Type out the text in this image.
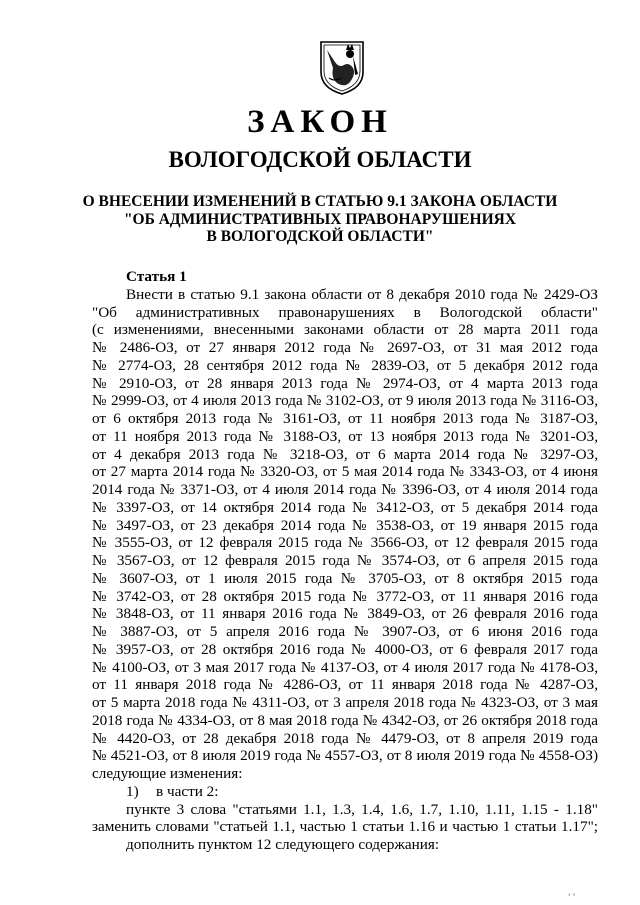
ЗАКОН
ВОЛОГОДСКОЙ ОБЛАСТИ
О ВНЕСЕНИИ ИЗМЕНЕНИЙ В СТАТЬЮ 9.1 ЗАКОНА ОБЛАСТИ
"ОБ АДМИНИСТРАТИВНЫХ ПРАВОНАРУШЕНИЯХ
В ВОЛОГОДСКОЙ ОБЛАСТИ"
Статья 1
Внести в статью 9.1 закона области от 8 декабря 2010 года № 2429-ОЗ
"Об административных правонарушениях в Вологодской области"
(с изменениями, внесенными законами области от 28 марта 2011 года
№ 2486-ОЗ, от 27 января 2012 года № 2697-ОЗ, от 31 мая 2012 года
№ 2774-ОЗ, 28 сентября 2012 года № 2839-ОЗ, от 5 декабря 2012 года
№ 2910-ОЗ, от 28 января 2013 года № 2974-ОЗ, от 4 марта 2013 года
№ 2999-ОЗ, от 4 июля 2013 года № 3102-ОЗ, от 9 июля 2013 года № 3116-ОЗ,
от 6 октября 2013 года № 3161-ОЗ, от 11 ноября 2013 года № 3187-ОЗ,
от 11 ноября 2013 года № 3188-ОЗ, от 13 ноября 2013 года № 3201-ОЗ,
от 4 декабря 2013 года № 3218-ОЗ, от 6 марта 2014 года № 3297-ОЗ,
от 27 марта 2014 года № 3320-ОЗ, от 5 мая 2014 года № 3343-ОЗ, от 4 июня
2014 года № 3371-ОЗ, от 4 июля 2014 года № 3396-ОЗ, от 4 июля 2014 года
№ 3397-ОЗ, от 14 октября 2014 года № 3412-ОЗ, от 5 декабря 2014 года
№ 3497-ОЗ, от 23 декабря 2014 года № 3538-ОЗ, от 19 января 2015 года
№ 3555-ОЗ, от 12 февраля 2015 года № 3566-ОЗ, от 12 февраля 2015 года
№ 3567-ОЗ, от 12 февраля 2015 года № 3574-ОЗ, от 6 апреля 2015 года
№ 3607-ОЗ, от 1 июля 2015 года № 3705-ОЗ, от 8 октября 2015 года
№ 3742-ОЗ, от 28 октября 2015 года № 3772-ОЗ, от 11 января 2016 года
№ 3848-ОЗ, от 11 января 2016 года № 3849-ОЗ, от 26 февраля 2016 года
№ 3887-ОЗ, от 5 апреля 2016 года № 3907-ОЗ, от 6 июня 2016 года
№ 3957-ОЗ, от 28 октября 2016 года № 4000-ОЗ, от 6 февраля 2017 года
№ 4100-ОЗ, от 3 мая 2017 года № 4137-ОЗ, от 4 июля 2017 года № 4178-ОЗ,
от 11 января 2018 года № 4286-ОЗ, от 11 января 2018 года № 4287-ОЗ,
от 5 марта 2018 года № 4311-ОЗ, от 3 апреля 2018 года № 4323-ОЗ, от 3 мая
2018 года № 4334-ОЗ, от 8 мая 2018 года № 4342-ОЗ, от 26 октября 2018 года
№ 4420-ОЗ, от 28 декабря 2018 года № 4479-ОЗ, от 8 апреля 2019 года
№ 4521-ОЗ, от 8 июля 2019 года № 4557-ОЗ, от 8 июля 2019 года № 4558-ОЗ)
следующие изменения:
1) в части 2:
пункте 3 слова "статьями 1.1, 1.3, 1.4, 1.6, 1.7, 1.10, 1.11, 1.15 - 1.18"
заменить словами "статьей 1.1, частью 1 статьи 1.16 и частью 1 статьи 1.17";
дополнить пунктом 12 следующего содержания:
ʻ ʼ
